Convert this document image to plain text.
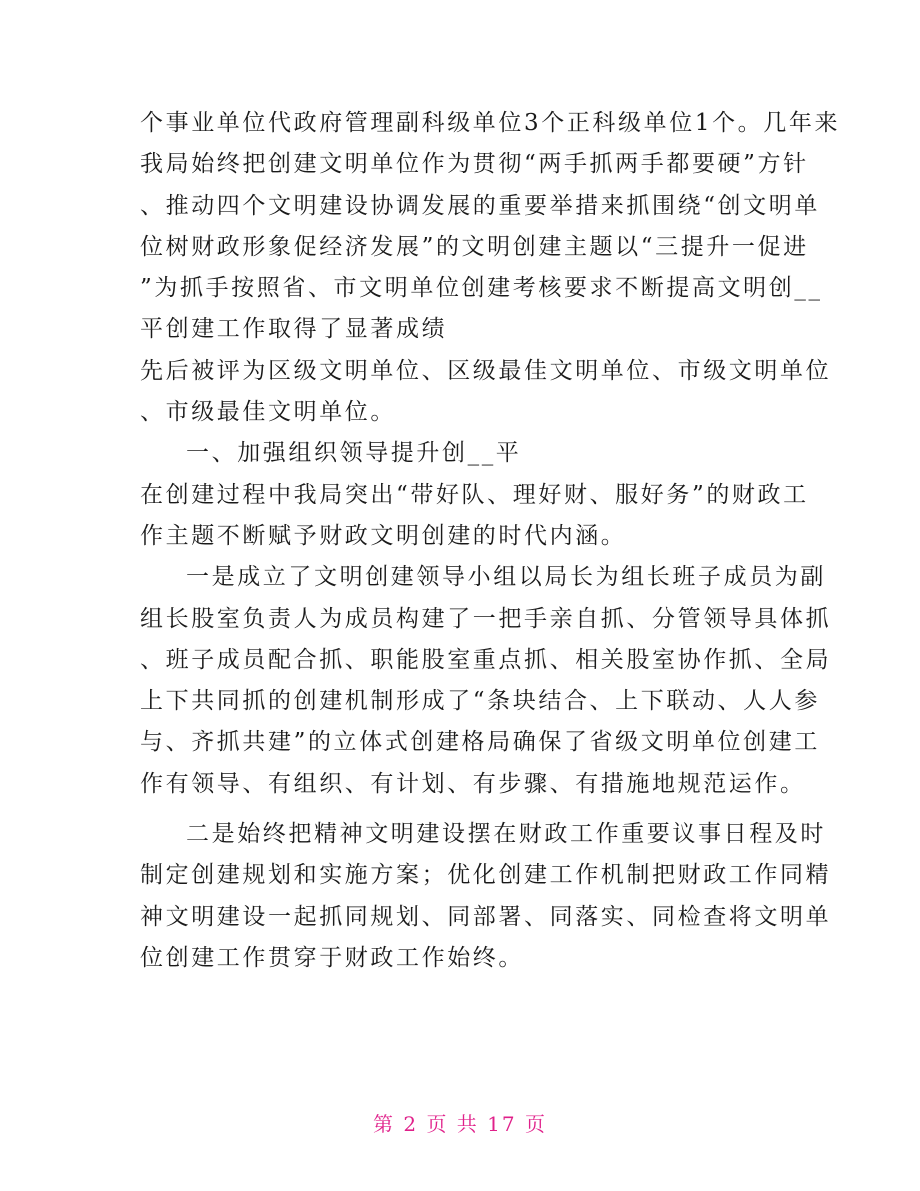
个事业单位代政府管理副科级单位3个正科级单位1个。几年来
我局始终把创建文明单位作为贯彻“两手抓两手都要硬”方针
、推动四个文明建设协调发展的重要举措来抓围绕“创文明单
位树财政形象促经济发展”的文明创建主题以“三提升一促进
”为抓手按照省、市文明单位创建考核要求不断提高文明创__
平创建工作取得了显著成绩
先后被评为区级文明单位、区级最佳文明单位、市级文明单位
、市级最佳文明单位。
一、加强组织领导提升创__平
在创建过程中我局突出“带好队、理好财、服好务”的财政工
作主题不断赋予财政文明创建的时代内涵。
一是成立了文明创建领导小组以局长为组长班子成员为副
组长股室负责人为成员构建了一把手亲自抓、分管领导具体抓
、班子成员配合抓、职能股室重点抓、相关股室协作抓、全局
上下共同抓的创建机制形成了“条块结合、上下联动、人人参
与、齐抓共建”的立体式创建格局确保了省级文明单位创建工
作有领导、有组织、有计划、有步骤、有措施地规范运作。
二是始终把精神文明建设摆在财政工作重要议事日程及时
制定创建规划和实施方案；优化创建工作机制把财政工作同精
神文明建设一起抓同规划、同部署、同落实、同检查将文明单
位创建工作贯穿于财政工作始终。
第 2 页 共 17 页
